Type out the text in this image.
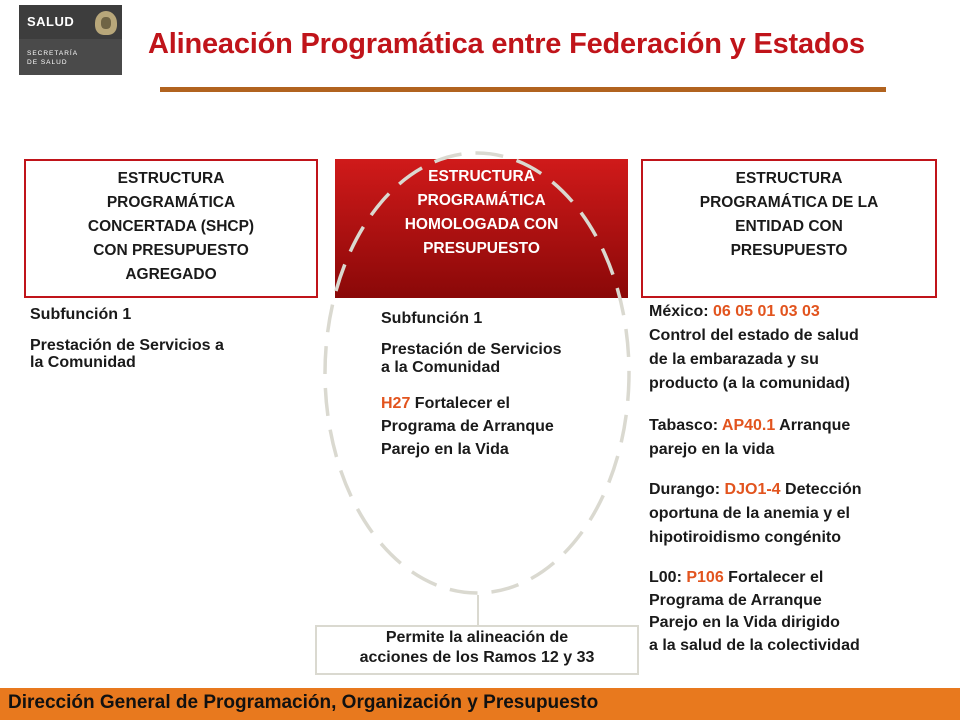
SALUD
SECRETARÍA
DE SALUD
Alineación Programática entre Federación y Estados
ESTRUCTURA
PROGRAMÁTICA
CONCERTADA (SHCP)
CON PRESUPUESTO
AGREGADO
ESTRUCTURA
PROGRAMÁTICA
HOMOLOGADA CON
PRESUPUESTO
ESTRUCTURA
PROGRAMÁTICA DE LA
ENTIDAD CON
PRESUPUESTO
Subfunción 1
Prestación de Servicios a
la Comunidad
Subfunción 1
Prestación de Servicios
a la Comunidad
H27 Fortalecer el
Programa de Arranque
Parejo en la Vida
México: 06 05 01 03 03
Control del estado de salud
de la embarazada y su
producto (a la comunidad)
Tabasco: AP40.1 Arranque
parejo en la vida
Durango: DJO1-4 Detección
oportuna de la anemia y el
hipotiroidismo congénito
L00: P106 Fortalecer el
Programa de Arranque
Parejo en la Vida dirigido
a la salud de la colectividad
Permite la alineación de
acciones de los Ramos 12 y 33
Dirección General de Programación, Organización y Presupuesto
